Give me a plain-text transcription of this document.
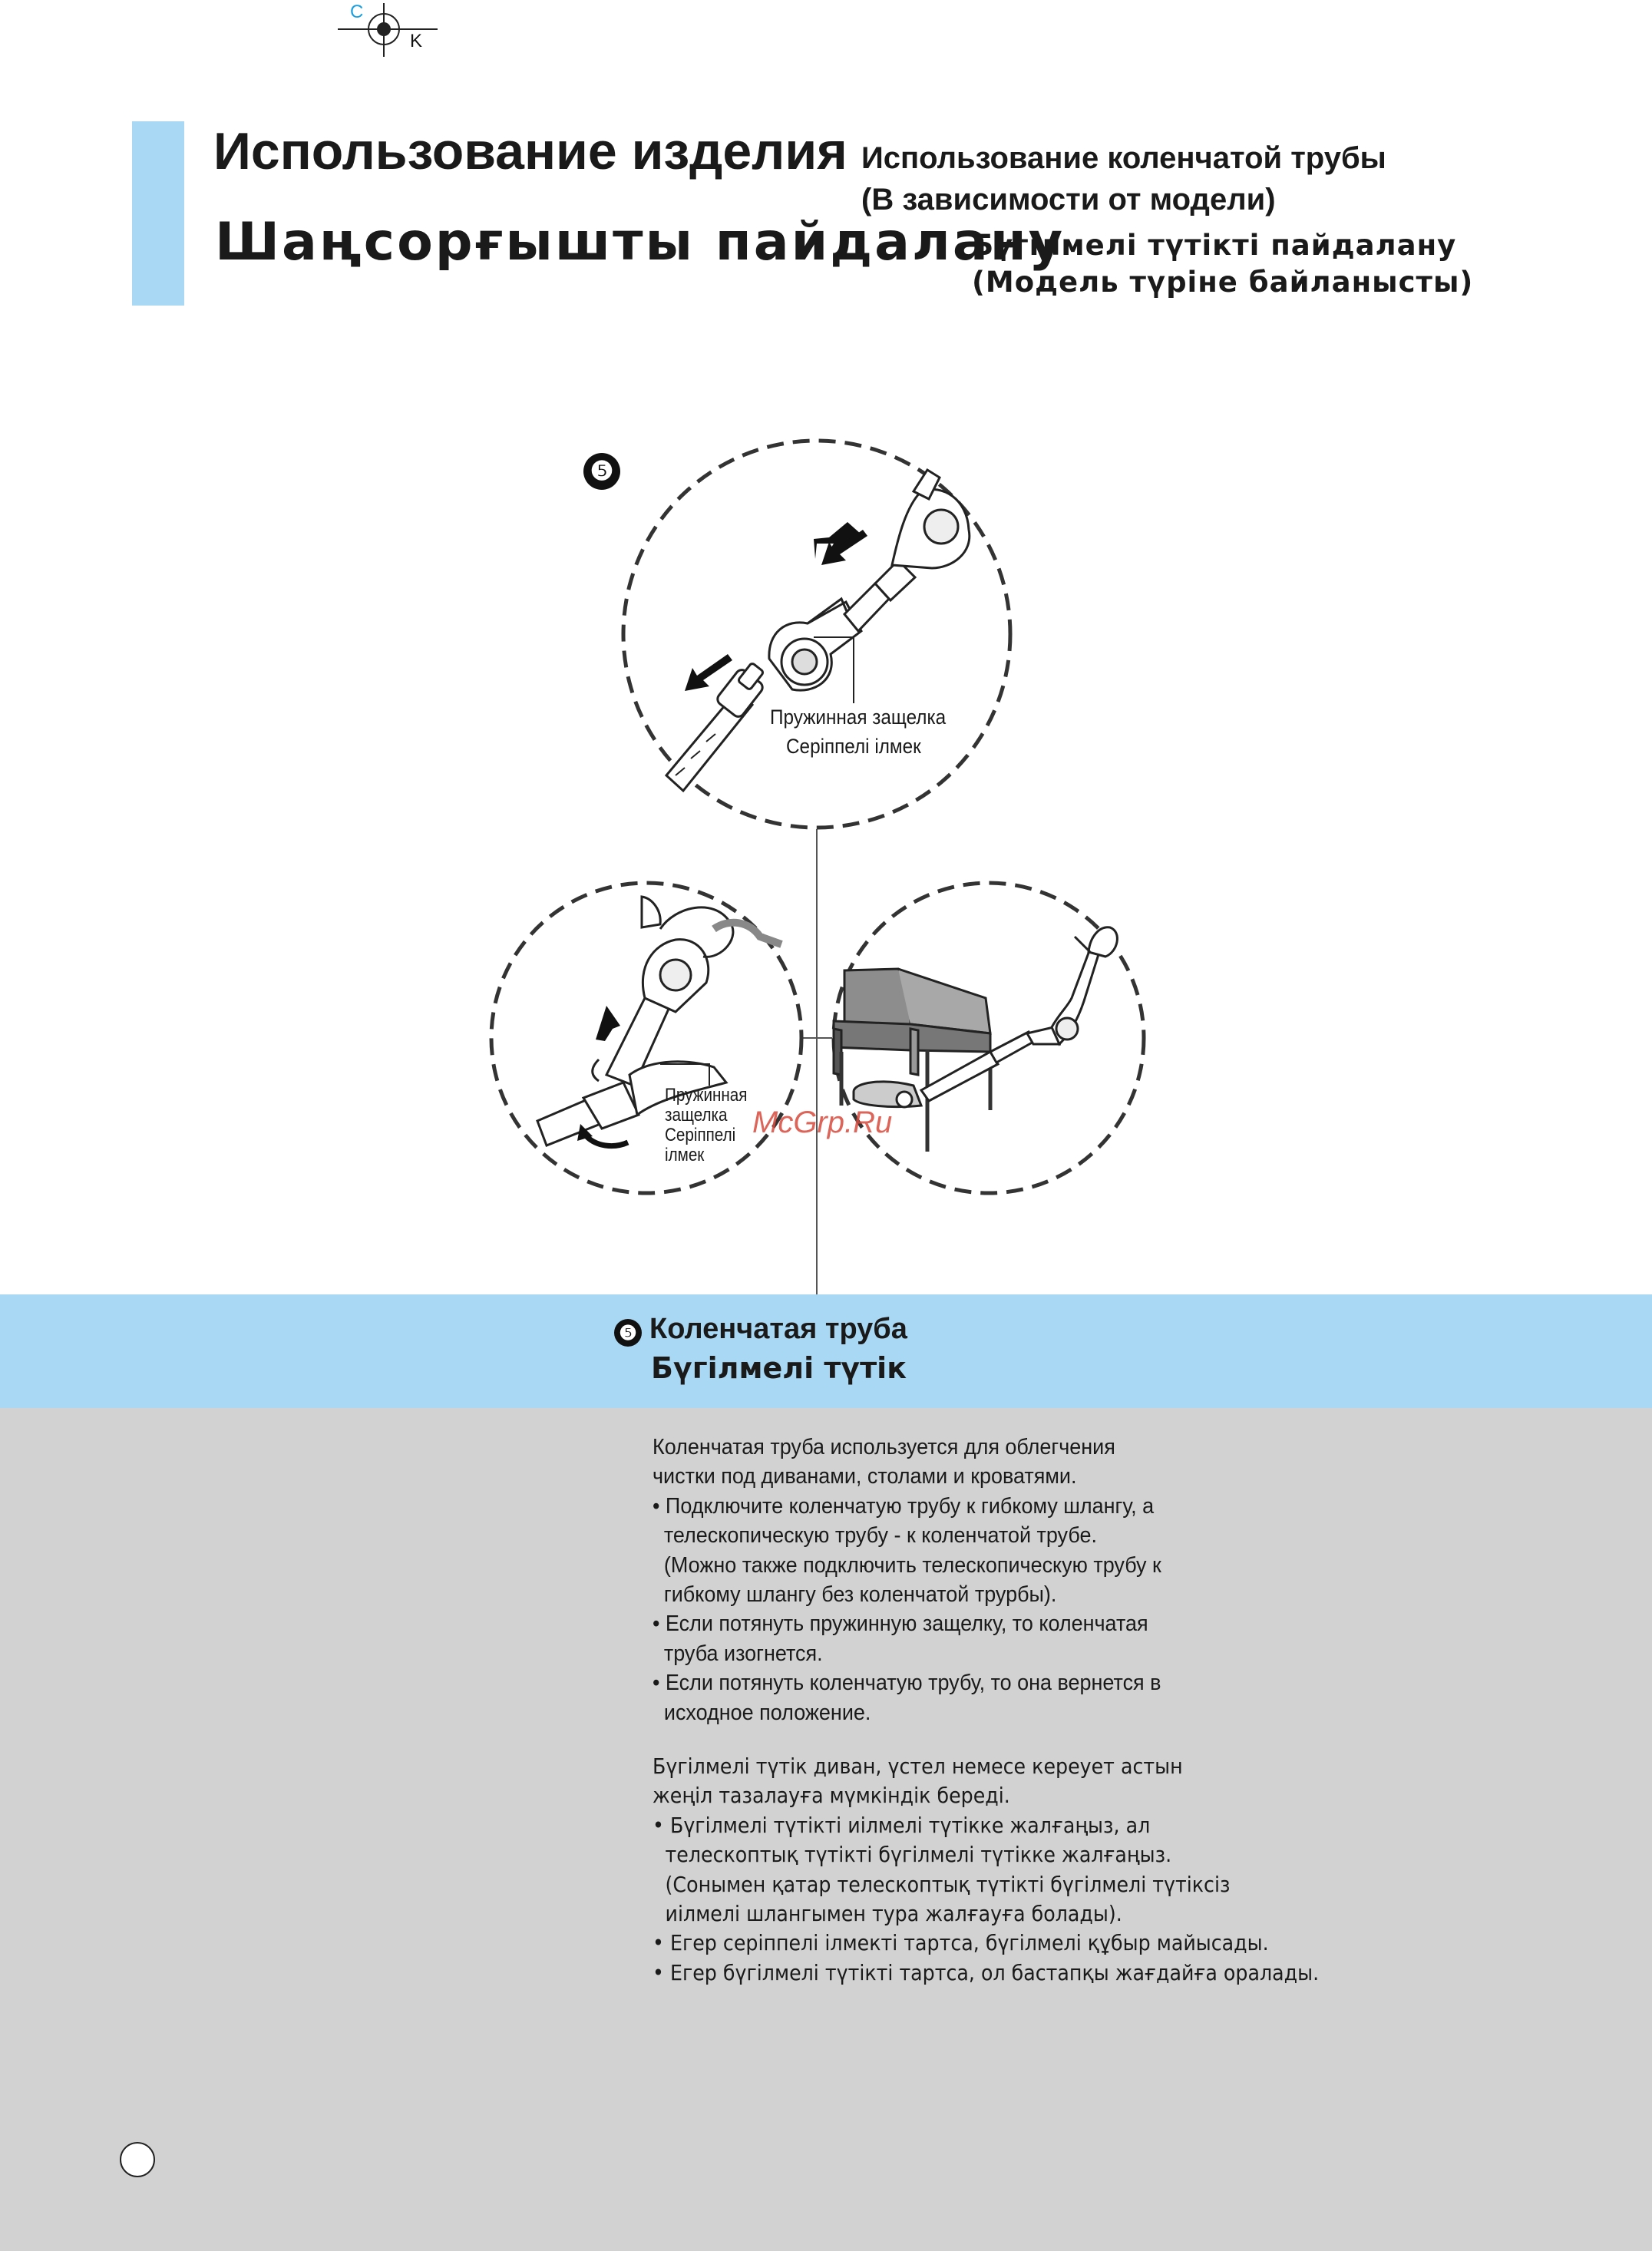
C
K
Использование изделия Использование коленчатой трубы
(В зависимости от модели)
Шаңсорғышты пайдалану
Бүгілмелі түтікті пайдалану
(Модель түріне байланысты)
❺
Пружинная защелка
Серіппелі ілмек
Пружинная
защелка
Серіппелі
ілмек
McGrp.Ru
❺ Коленчатая труба
Бүгілмелі түтік
Коленчатая труба используется для облегчения
чистки под диванами, столами и кроватями.
• Подключите коленчатую трубу к гибкому шлангу, а
телескопическую трубу - к коленчатой трубе.
(Можно также подключить телескопическую трубу к
гибкому шлангу без коленчатой трурбы).
• Если потянуть пружинную защелку, то коленчатая
труба изогнется.
• Если потянуть коленчатую трубу, то она вернется в
исходное положение.
Бүгілмелі түтік диван, үстел немесе кереует астын
жеңіл тазалауға мүмкіндік береді.
• Бүгілмелі түтікті иілмелі түтікке жалғаңыз, ал
телескоптық түтікті бүгілмелі түтікке жалғаңыз.
(Сонымен қатар телескоптық түтікті бүгілмелі түтіксіз
иілмелі шлангымен тура жалғауға болады).
• Егер серіппелі ілмекті тартса, бүгілмелі құбыр майысады.
• Егер бүгілмелі түтікті тартса, ол бастапқы жағдайға оралады.
